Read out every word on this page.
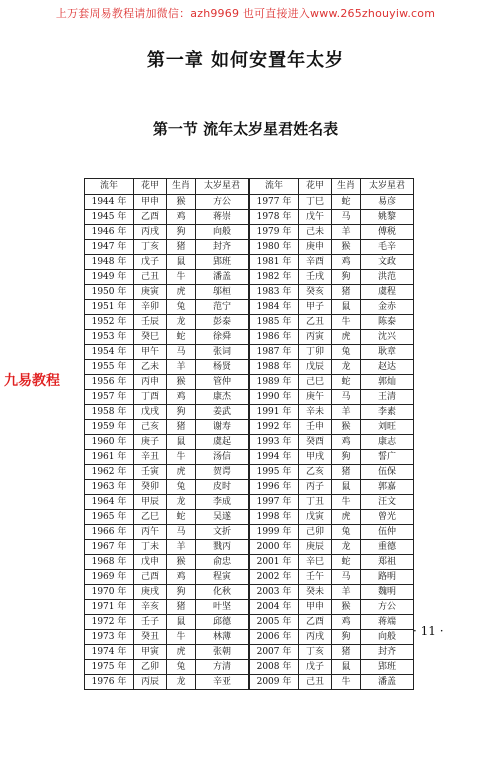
上万套周易教程请加微信：azh9969 也可直接进入www.265zhouyiw.com
第一章 如何安置年太岁
第一节 流年太岁星君姓名表
九易教程
流年	花甲	生肖	太岁星君	流年	花甲	生肖	太岁星君
1944 年	甲申	猴	方公	1977 年	丁巳	蛇	易彦
1945 年	乙酉	鸡	蒋崇	1978 年	戊午	马	姚黎
1946 年	丙戌	狗	向般	1979 年	己未	羊	傅税
1947 年	丁亥	猪	封齐	1980 年	庚申	猴	毛辛
1948 年	戊子	鼠	郢班	1981 年	辛酉	鸡	文政
1949 年	己丑	牛	潘盖	1982 年	壬戌	狗	洪范
1950 年	庚寅	虎	邬桓	1983 年	癸亥	猪	虞程
1951 年	辛卯	兔	范宁	1984 年	甲子	鼠	金赤
1952 年	壬辰	龙	彭泰	1985 年	乙丑	牛	陈泰
1953 年	癸巳	蛇	徐舜	1986 年	丙寅	虎	沈兴
1954 年	甲午	马	张词	1987 年	丁卯	兔	耿章
1955 年	乙未	羊	杨贤	1988 年	戊辰	龙	赵达
1956 年	丙申	猴	管仲	1989 年	己巳	蛇	郭灿
1957 年	丁酉	鸡	康杰	1990 年	庚午	马	王清
1958 年	戊戌	狗	姜武	1991 年	辛未	羊	李素
1959 年	己亥	猪	谢寿	1992 年	壬申	猴	刘旺
1960 年	庚子	鼠	虞起	1993 年	癸酉	鸡	康志
1961 年	辛丑	牛	汤信	1994 年	甲戌	狗	誓广
1962 年	壬寅	虎	贺谔	1995 年	乙亥	猪	伍保
1963 年	癸卯	兔	皮时	1996 年	丙子	鼠	郭嘉
1964 年	甲辰	龙	李成	1997 年	丁丑	牛	汪文
1965 年	乙巳	蛇	吴遂	1998 年	戊寅	虎	曾光
1966 年	丙午	马	文折	1999 年	己卯	兔	伍仲
1967 年	丁未	羊	戮丙	2000 年	庚辰	龙	重德
1968 年	戊申	猴	俞忠	2001 年	辛巳	蛇	郑祖
1969 年	己酉	鸡	程寅	2002 年	壬午	马	路明
1970 年	庚戌	狗	化秋	2003 年	癸未	羊	魏明
1971 年	辛亥	猪	叶坚	2004 年	甲申	猴	方公
1972 年	壬子	鼠	邱德	2005 年	乙酉	鸡	蒋端
1973 年	癸丑	牛	林薄	2006 年	丙戌	狗	向般
1974 年	甲寅	虎	张朝	2007 年	丁亥	猪	封齐
1975 年	乙卯	兔	方清	2008 年	戊子	鼠	郢班
1976 年	丙辰	龙	辛亚	2009 年	己丑	牛	潘盖
· 11 ·
